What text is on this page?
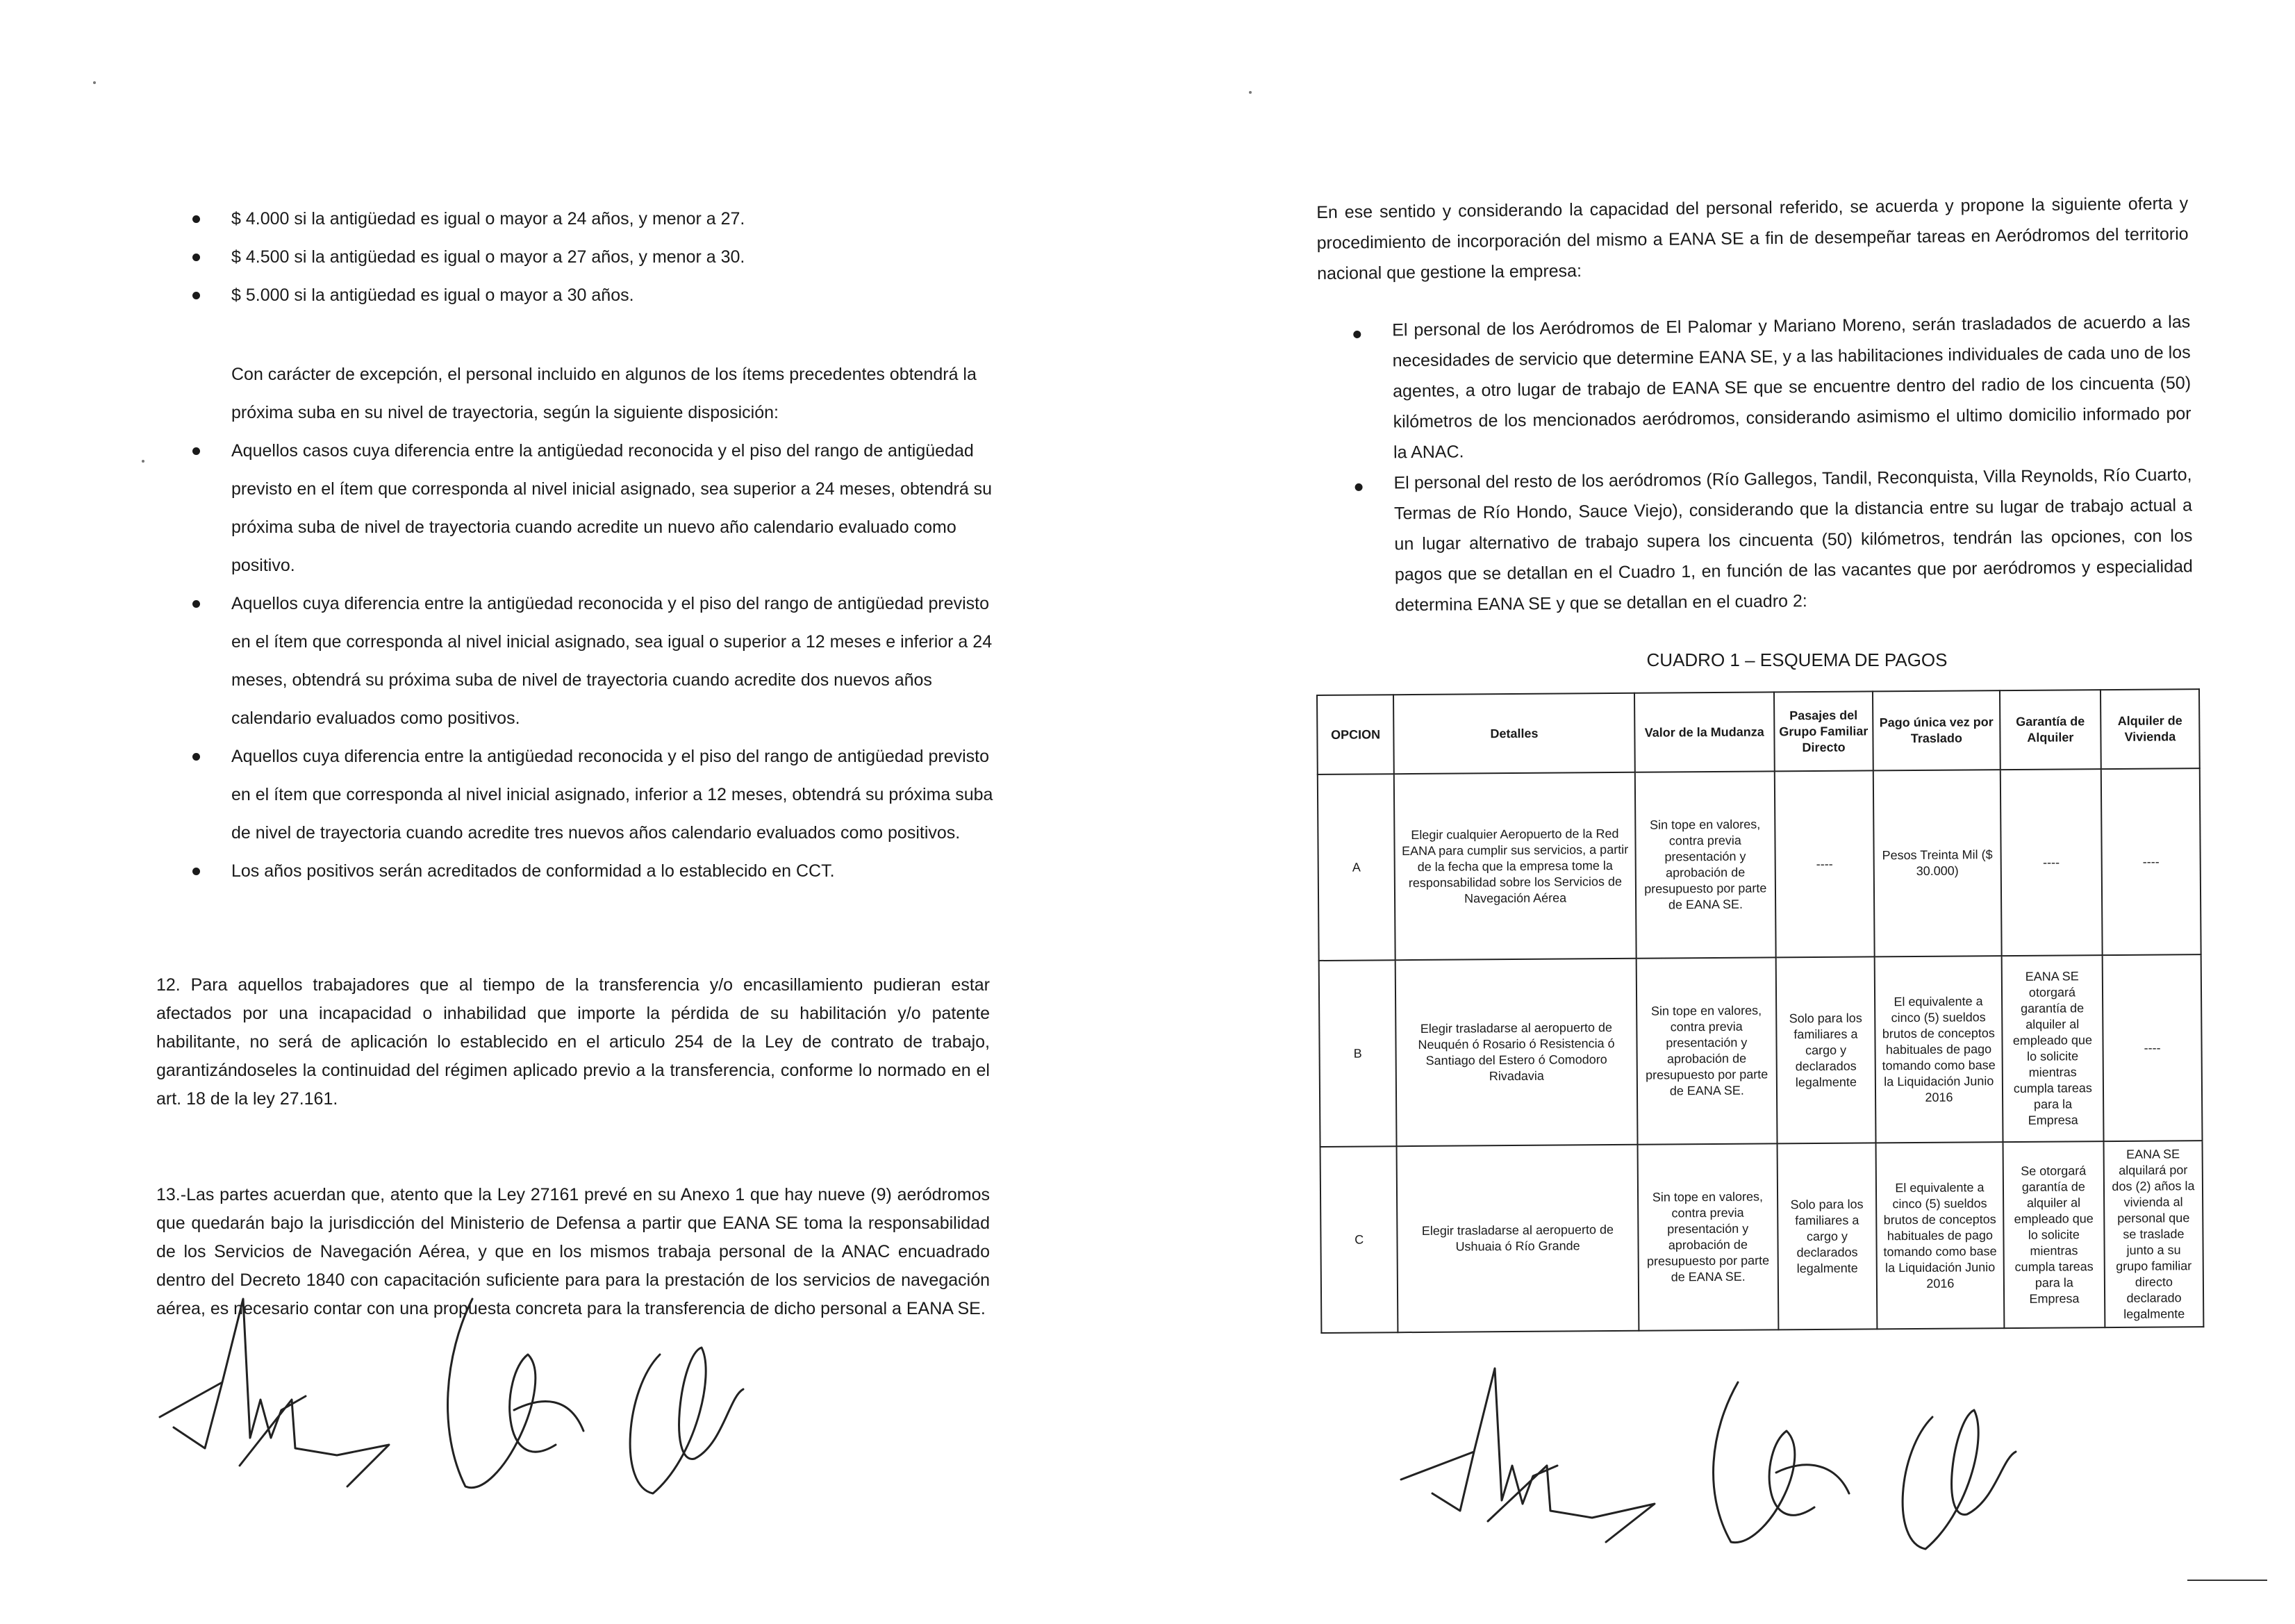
$ 4.000 si la antigüedad es igual o mayor a 24 años, y menor a 27.
$ 4.500 si la antigüedad es igual o mayor a 27 años, y menor a 30.
$ 5.000 si la antigüedad es igual o mayor a 30 años.

Con carácter de excepción, el personal incluido en algunos de los ítems precedentes obtendrá la próxima suba en su nivel de trayectoria, según la siguiente disposición:

Aquellos casos cuya diferencia entre la antigüedad reconocida y el piso del rango de antigüedad previsto en el ítem que corresponda al nivel inicial asignado, sea superior a 24 meses, obtendrá su próxima suba de nivel de trayectoria cuando acredite un nuevo año calendario evaluado como positivo.
Aquellos cuya diferencia entre la antigüedad reconocida y el piso del rango de antigüedad previsto en el ítem que corresponda al nivel inicial asignado, sea igual o superior a 12 meses e inferior a 24 meses, obtendrá su próxima suba de nivel de trayectoria cuando acredite dos nuevos años calendario evaluados como positivos.
Aquellos cuya diferencia entre la antigüedad reconocida y el piso del rango de antigüedad previsto en el ítem que corresponda al nivel inicial asignado, inferior a 12 meses, obtendrá su próxima suba de nivel de trayectoria cuando acredite tres nuevos años calendario evaluados como positivos.
Los años positivos serán acreditados de conformidad a lo establecido en CCT.

12. Para aquellos trabajadores que al tiempo de la transferencia y/o encasillamiento pudieran estar afectados por una incapacidad o inhabilidad que importe la pérdida de su habilitación y/o patente habilitante, no será de aplicación lo establecido en el articulo 254 de la Ley de contrato de trabajo, garantizándoseles la continuidad del régimen aplicado previo a la transferencia, conforme lo normado en el art. 18 de la ley 27.161.

13.-Las partes acuerdan que, atento que la Ley 27161 prevé en su Anexo 1 que hay nueve (9) aeródromos que quedarán bajo la jurisdicción del Ministerio de Defensa a partir que EANA SE toma la responsabilidad de los Servicios de Navegación Aérea, y que en los mismos trabaja personal de la ANAC encuadrado dentro del Decreto 1840 con capacitación suficiente para para la prestación de los servicios de navegación aérea, es necesario contar con una propuesta concreta para la transferencia de dicho personal a EANA SE.

En ese sentido y considerando la capacidad del personal referido, se acuerda y propone la siguiente oferta y procedimiento de incorporación del mismo a EANA SE a fin de desempeñar tareas en Aeródromos del territorio nacional que gestione la empresa:

El personal de los Aeródromos de El Palomar y Mariano Moreno, serán trasladados de acuerdo a las necesidades de servicio que determine EANA SE, y a las habilitaciones individuales de cada uno de los agentes, a otro lugar de trabajo de EANA SE que se encuentre dentro del radio de los cincuenta (50) kilómetros de los mencionados aeródromos, considerando asimismo el ultimo domicilio informado por la ANAC.
El personal del resto de los aeródromos (Río Gallegos, Tandil, Reconquista, Villa Reynolds, Río Cuarto, Termas de Río Hondo, Sauce Viejo), considerando que la distancia entre su lugar de trabajo actual a un lugar alternativo de trabajo supera los cincuenta (50) kilómetros, tendrán las opciones, con los pagos que se detallan en el Cuadro 1, en función de las vacantes que por aeródromos y especialidad determina EANA SE y que se detallan en el cuadro 2:
CUADRO 1 – ESQUEMA DE PAGOS
OPCION	Detalles	Valor de la Mudanza	Pasajes del Grupo Familiar Directo	Pago única vez por Traslado	Garantía de Alquiler	Alquiler de Vivienda
A	Elegir cualquier Aeropuerto de la Red EANA para cumplir sus servicios, a partir de la fecha que la empresa tome la responsabilidad sobre los Servicios de Navegación Aérea	Sin tope en valores, contra previa presentación y aprobación de presupuesto por parte de EANA SE.	----	Pesos Treinta Mil ($ 30.000)	----	----
B	Elegir trasladarse al aeropuerto de Neuquén ó Rosario ó Resistencia ó Santiago del Estero ó Comodoro Rivadavia	Sin tope en valores, contra previa presentación y aprobación de presupuesto por parte de EANA SE.	Solo para los familiares a cargo y declarados legalmente	El equivalente a cinco (5) sueldos brutos de conceptos habituales de pago tomando como base la Liquidación Junio 2016	EANA SE otorgará garantía de alquiler al empleado que lo solicite mientras cumpla tareas para la Empresa	----
C	Elegir trasladarse al aeropuerto de Ushuaia ó Río Grande	Sin tope en valores, contra previa presentación y aprobación de presupuesto por parte de EANA SE.	Solo para los familiares a cargo y declarados legalmente	El equivalente a cinco (5) sueldos brutos de conceptos habituales de pago tomando como base la Liquidación Junio 2016	Se otorgará garantía de alquiler al empleado que lo solicite mientras cumpla tareas para la Empresa	EANA SE alquilará por dos (2) años la vivienda al personal que se traslade junto a su grupo familiar directo declarado legalmente
